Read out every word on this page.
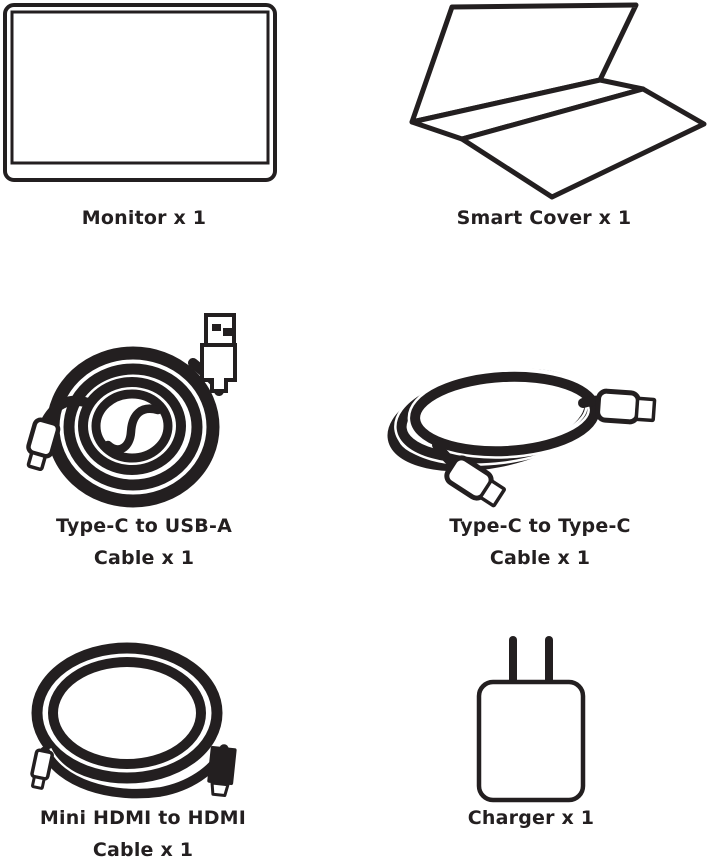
Monitor x 1	Smart Cover x 1
Type-C to USB-A
Cable x 1
Type-C to Type-C
Cable x 1
Mini HDMI to HDMI
Cable x 1
Charger x 1
